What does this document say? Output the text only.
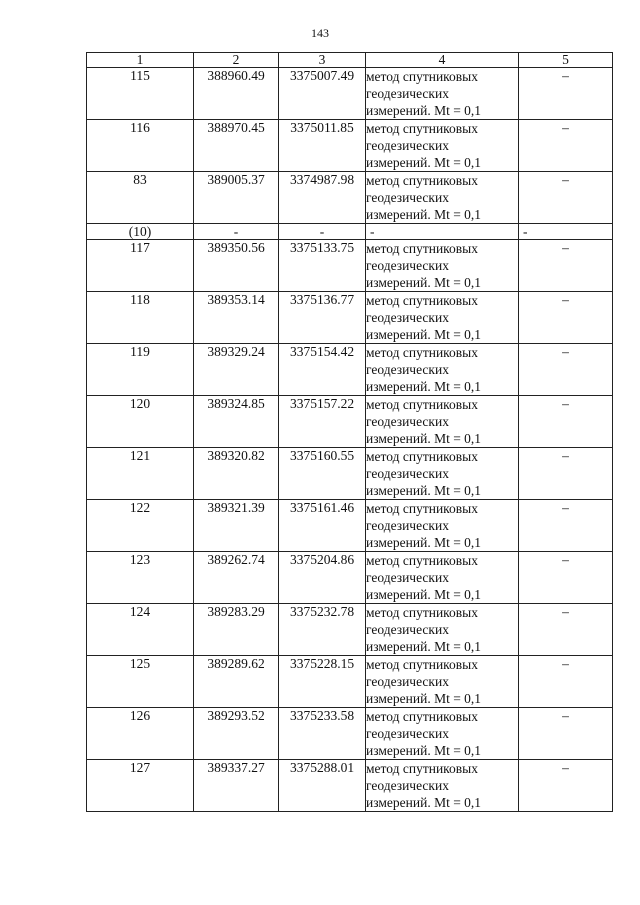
143
1	2	3	4	5
115	388960.49	3375007.49	метод спутниковых
геодезических
измерений. Mt = 0,1	–
116	388970.45	3375011.85	метод спутниковых
геодезических
измерений. Mt = 0,1	–
83	389005.37	3374987.98	метод спутниковых
геодезических
измерений. Mt = 0,1	–
(10)	-	-	-	-
117	389350.56	3375133.75	метод спутниковых
геодезических
измерений. Mt = 0,1	–
118	389353.14	3375136.77	метод спутниковых
геодезических
измерений. Mt = 0,1	–
119	389329.24	3375154.42	метод спутниковых
геодезических
измерений. Mt = 0,1	–
120	389324.85	3375157.22	метод спутниковых
геодезических
измерений. Mt = 0,1	–
121	389320.82	3375160.55	метод спутниковых
геодезических
измерений. Mt = 0,1	–
122	389321.39	3375161.46	метод спутниковых
геодезических
измерений. Mt = 0,1	–
123	389262.74	3375204.86	метод спутниковых
геодезических
измерений. Mt = 0,1	–
124	389283.29	3375232.78	метод спутниковых
геодезических
измерений. Mt = 0,1	–
125	389289.62	3375228.15	метод спутниковых
геодезических
измерений. Mt = 0,1	–
126	389293.52	3375233.58	метод спутниковых
геодезических
измерений. Mt = 0,1	–
127	389337.27	3375288.01	метод спутниковых
геодезических
измерений. Mt = 0,1	–
